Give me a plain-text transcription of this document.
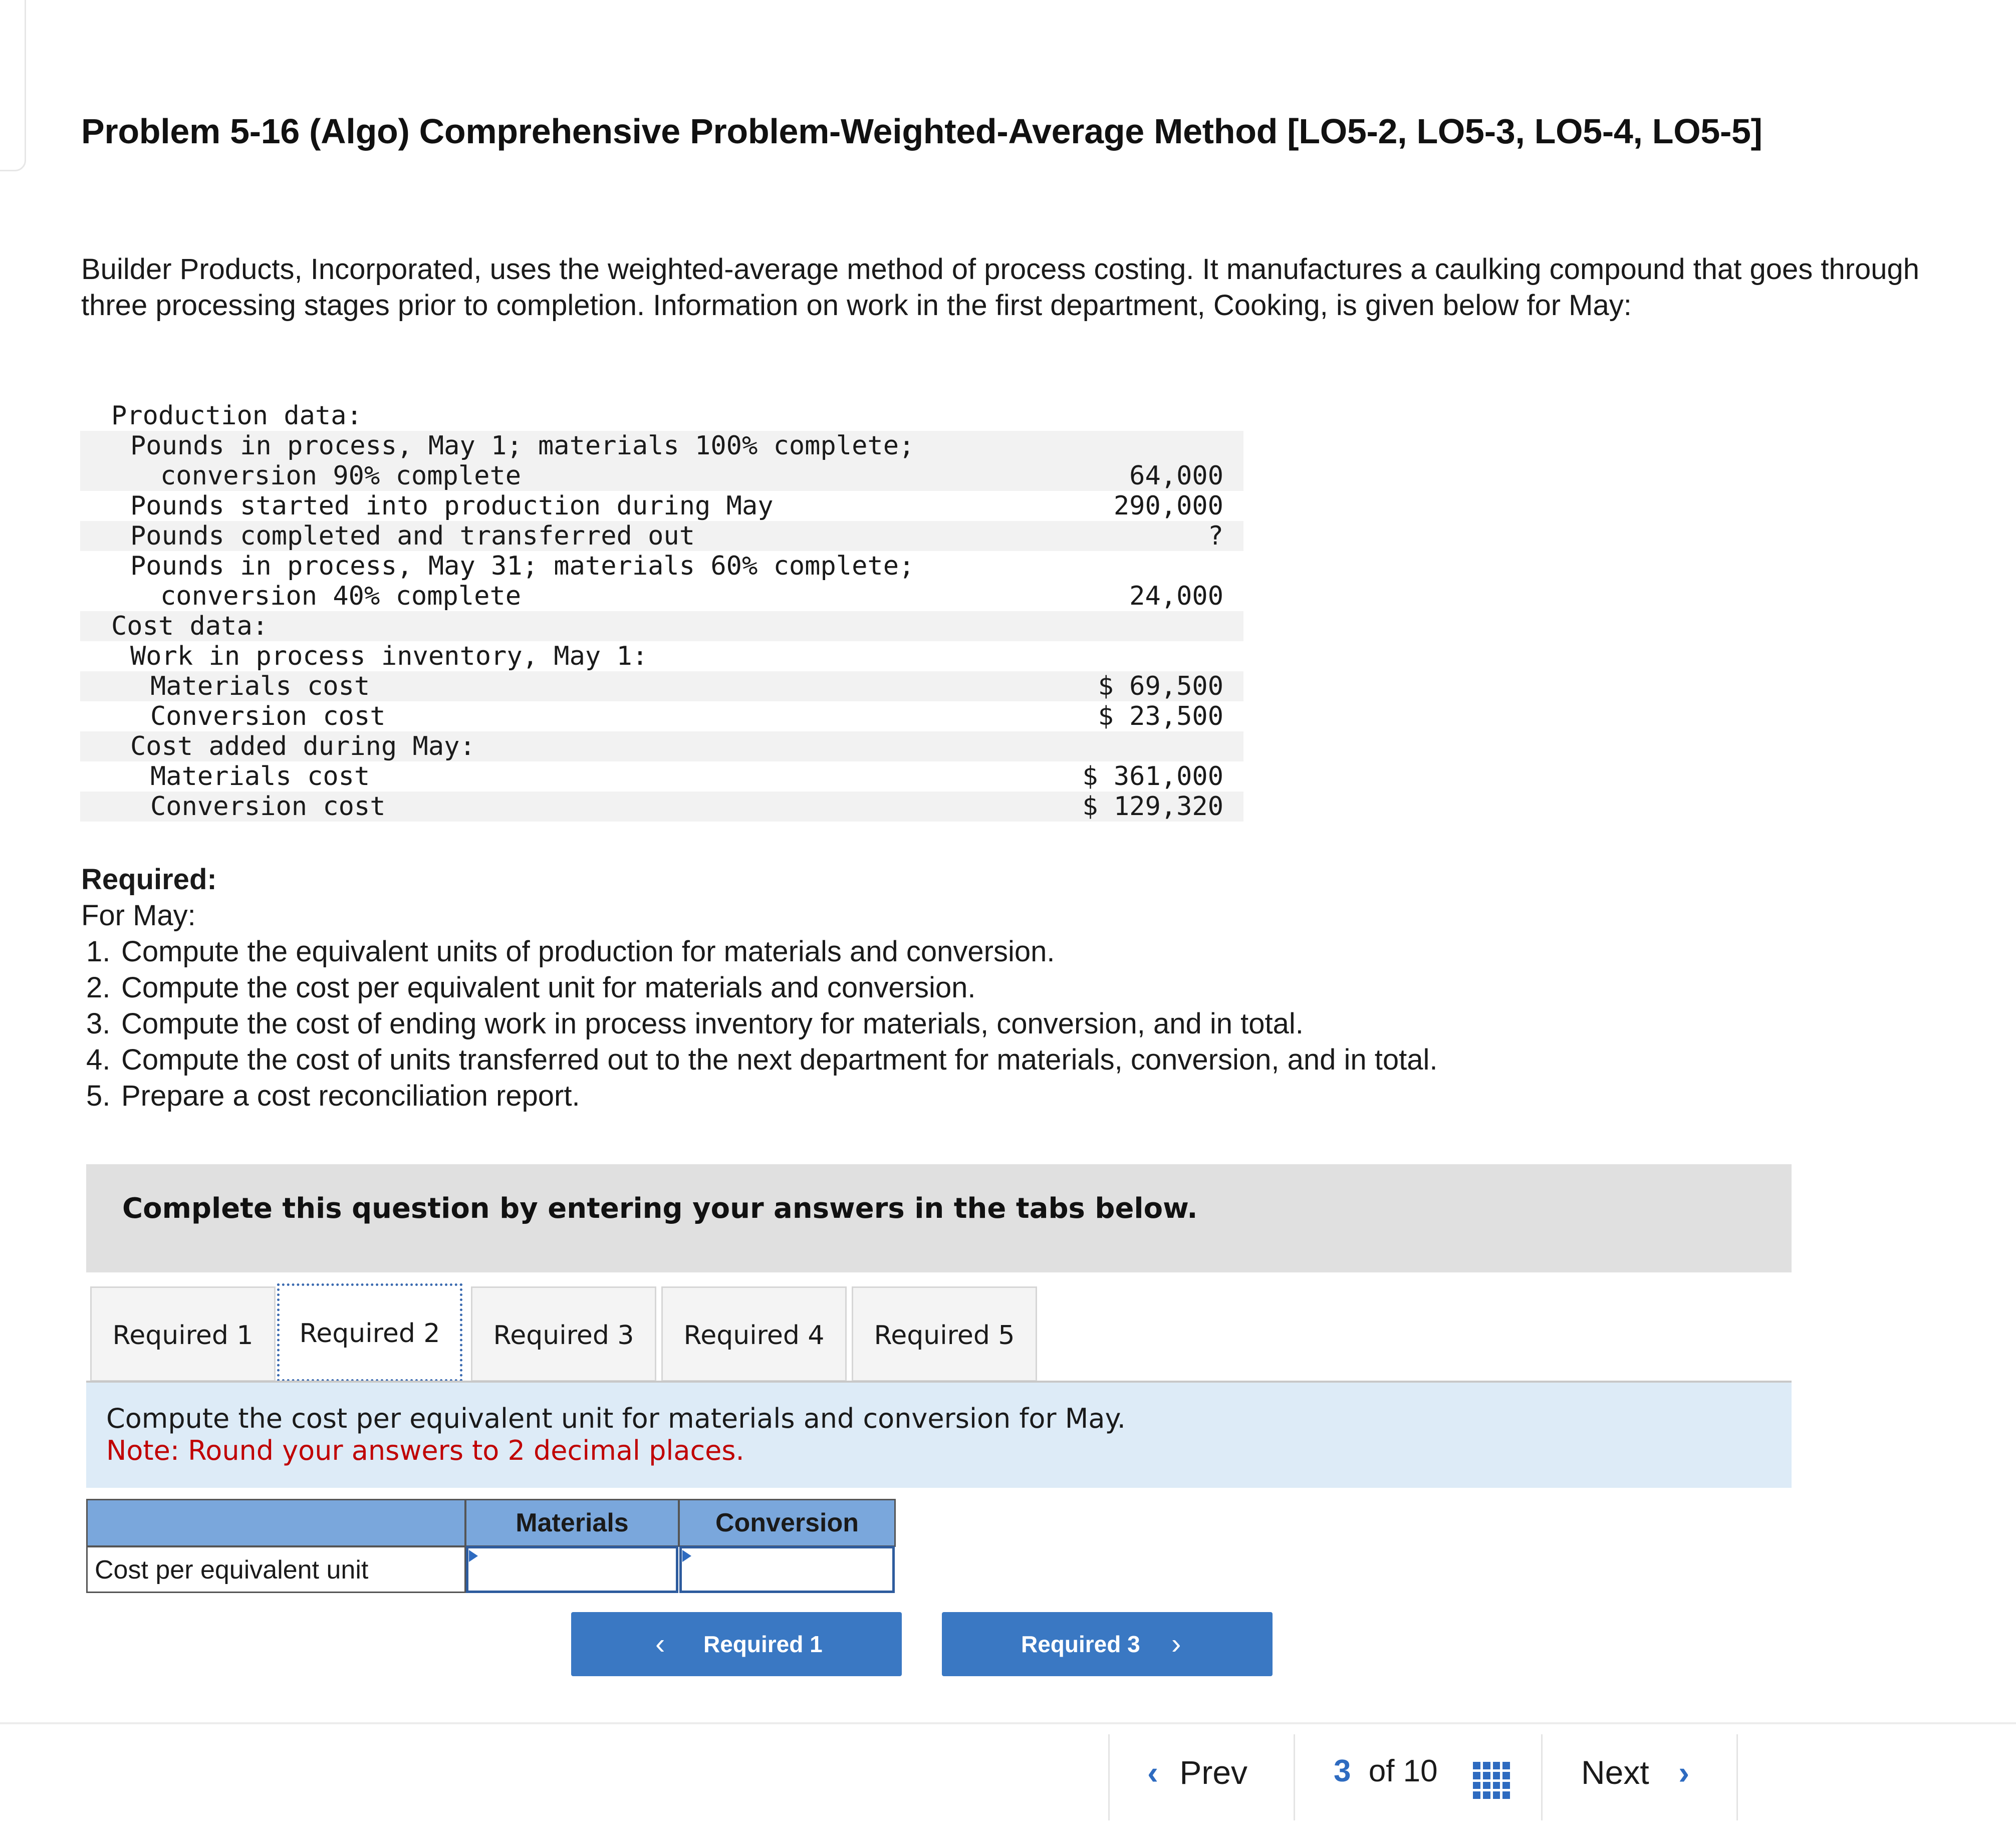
Problem 5-16 (Algo) Comprehensive Problem-Weighted-Average Method [LO5-2, LO5-3, LO5-4, LO5-5]

Builder Products, Incorporated, uses the weighted-average method of process costing. It manufactures a caulking compound that goes through three processing stages prior to completion. Information on work in the first department, Cooking, is given below for May:

Production data:
Pounds in process, May 1; materials 100% complete;
conversion 90% complete	64,000
Pounds started into production during May	290,000
Pounds completed and transferred out	?
Pounds in process, May 31; materials 60% complete;
conversion 40% complete	24,000
Cost data:
Work in process inventory, May 1:
Materials cost	$ 69,500
Conversion cost	$ 23,500
Cost added during May:
Materials cost	$ 361,000
Conversion cost	$ 129,320

Required:

For May:

1. Compute the equivalent units of production for materials and conversion.
2. Compute the cost per equivalent unit for materials and conversion.
3. Compute the cost of ending work in process inventory for materials, conversion, and in total.
4. Compute the cost of units transferred out to the next department for materials, conversion, and in total.
5. Prepare a cost reconciliation report.
Complete this question by entering your answers in the tabs below.
Required 1	Required 2	Required 3	Required 4	Required 5
Compute the cost per equivalent unit for materials and conversion for May.
Note: Round your answers to 2 decimal places.
Materials	Conversion
Cost per equivalent unit
‹ Required 1	Required 3 ›
‹ Prev	3 of 10	Next ›
